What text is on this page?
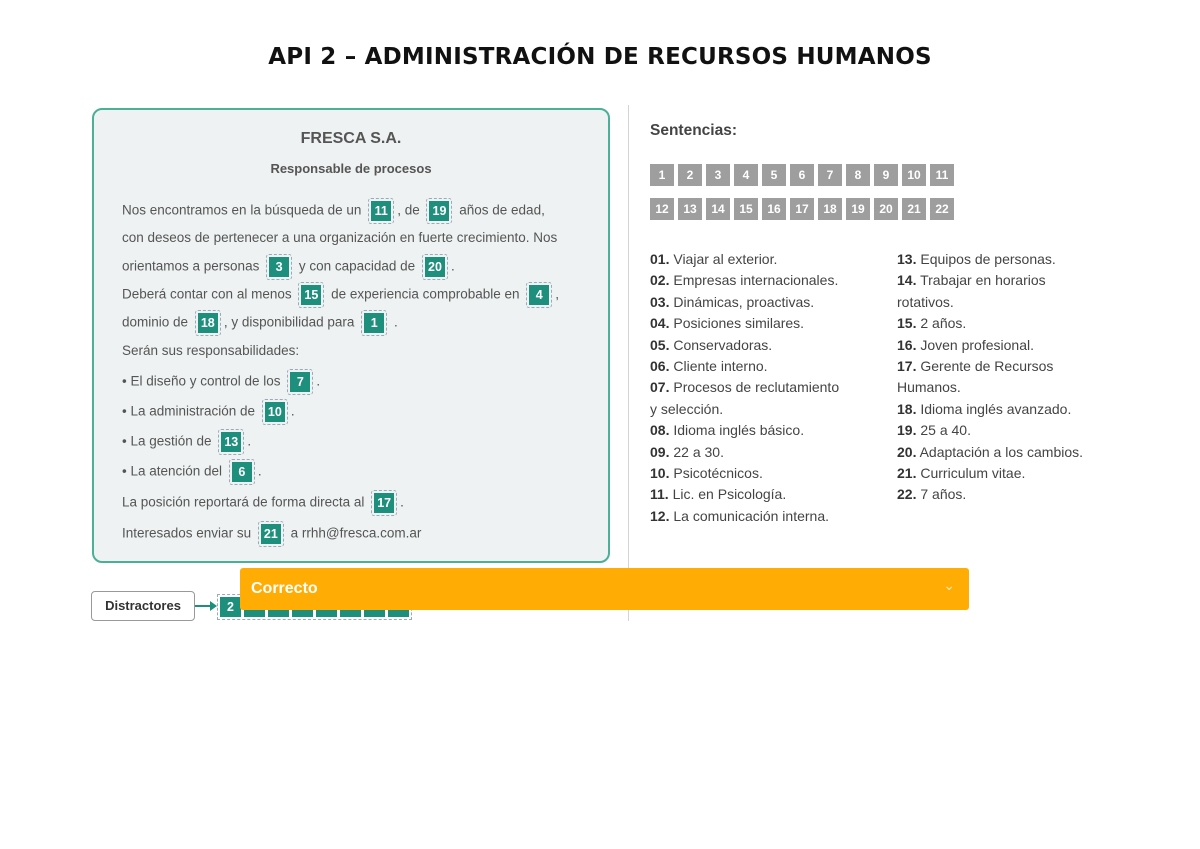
API 2 – ADMINISTRACIÓN DE RECURSOS HUMANOS
FRESCA S.A.
Responsable de procesos
Nos encontramos en la búsqueda de un 11 , de 19 años de edad,
con deseos de pertenecer a una organización en fuerte crecimiento. Nos
orientamos a personas 3 y con capacidad de 20 .
Deberá contar con al menos 15 de experiencia comprobable en 4 ,
dominio de 18 , y disponibilidad para 1 .
Serán sus responsabilidades:
• El diseño y control de los 7 .
• La administración de 10 .
• La gestión de 13 .
• La atención del 6 .
La posición reportará de forma directa al 17 .
Interesados enviar su 21 a rrhh@fresca.com.ar
Sentencias:
1	2	3	4	5	6	7	8	9	10	11
12	13	14	15	16	17	18	19	20	21	22
01. Viajar al exterior.
02. Empresas internacionales.
03. Dinámicas, proactivas.
04. Posiciones similares.
05. Conservadoras.
06. Cliente interno.
07. Procesos de reclutamiento
y selección.
08. Idioma inglés básico.
09. 22 a 30.
10. Psicotécnicos.
11. Lic. en Psicología.
12. La comunicación interna.
13. Equipos de personas.
14. Trabajar en horarios
rotativos.
15. 2 años.
16. Joven profesional.
17. Gerente de Recursos
Humanos.
18. Idioma inglés avanzado.
19. 25 a 40.
20. Adaptación a los cambios.
21. Curriculum vitae.
22. 7 años.
Distractores	2
Correcto	⌄
